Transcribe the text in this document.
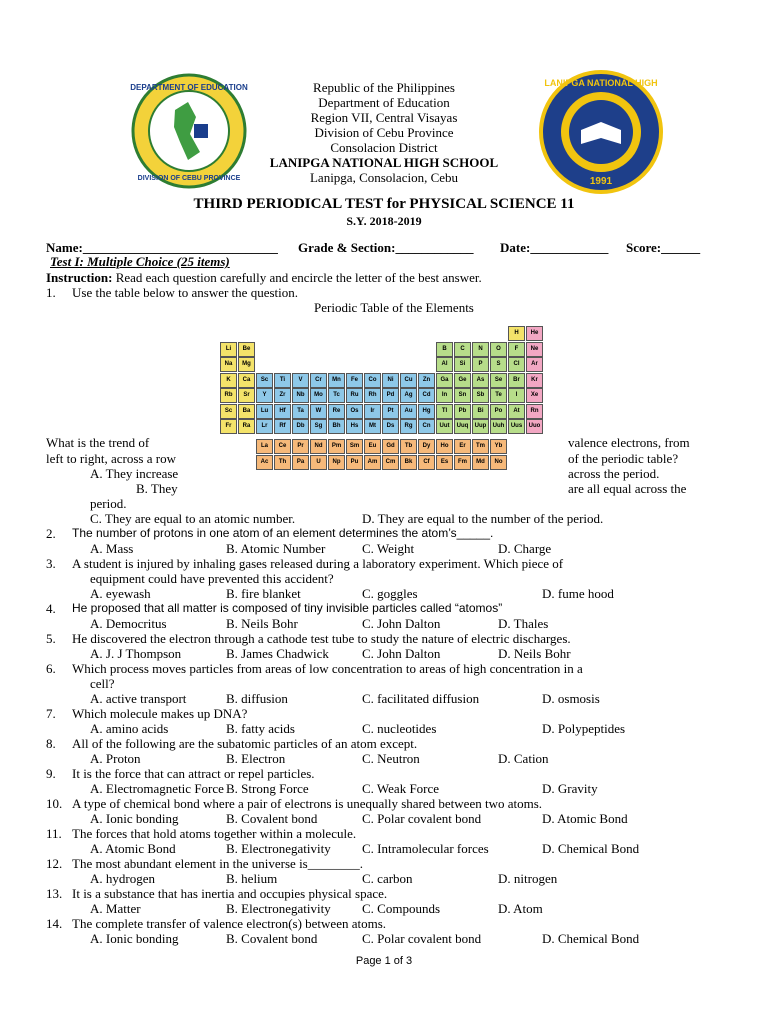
DEPARTMENT OF EDUCATION
DIVISION OF CEBU PROVINCE
LANIPGA NATIONAL HIGH
1991
Republic of the Philippines
Department of Education
Region VII, Central Visayas
Division of Cebu Province
Consolacion District
LANIPGA NATIONAL HIGH SCHOOL
Lanipga, Consolacion, Cebu
THIRD PERIODICAL TEST for PHYSICAL SCIENCE 11
S.Y. 2018-2019
Name:______________________________ Grade & Section:____________ Date:____________ Score:______
Test I: Multiple Choice (25 items)
Instruction: Read each question carefully and encircle the letter of the best answer.
1. Use the table below to answer the question.
Periodic Table of the Elements
H	He
Li	Be	B	C	N	O	F	Ne
Na	Mg	Al	Si	P	S	Cl	Ar
K	Ca	Sc	Ti	V	Cr	Mn	Fe	Co	Ni	Cu	Zn	Ga	Ge	As	Se	Br	Kr
Rb	Sr	Y	Zr	Nb	Mo	Tc	Ru	Rh	Pd	Ag	Cd	In	Sn	Sb	Te	I	Xe
Sc	Ba	Lu	Hf	Ta	W	Re	Os	Ir	Pt	Au	Hg	Tl	Pb	Bi	Po	At	Rn
Fr	Ra	Lr	Rf	Db	Sg	Bh	Hs	Mt	Ds	Rg	Cn	Uut	Uuq	Uup	Uuh	Uus	Uuo
La	Ce	Pr	Nd	Pm	Sm	Eu	Gd	Tb	Dy	Ho	Er	Tm	Yb
Ac	Th	Pa	U	Np	Pu	Am	Cm	Bk	Cf	Es	Fm	Md	No
What is the trend of
left to right, across a row
valence electrons, from
of the periodic table?
A. They increase	across the period.
B. They	are all equal across the
period.
C. They are equal to an atomic number.	D. They are equal to the number of the period.
2. The number of protons in one atom of an element determines the atom’s_____.
A. Mass	B. Atomic Number	C. Weight	D. Charge
3. A student is injured by inhaling gases released during a laboratory experiment. Which piece of
equipment could have prevented this accident?
A. eyewash	B. fire blanket	C. goggles	D. fume hood
4. He proposed that all matter is composed of tiny invisible particles called “atomos”
A. Democritus	B. Neils Bohr	C. John Dalton	D. Thales
5. He discovered the electron through a cathode test tube to study the nature of electric discharges.
A. J. J Thompson	B. James Chadwick	C. John Dalton	D. Neils Bohr
6. Which process moves particles from areas of low concentration to areas of high concentration in a
cell?
A. active transport	B. diffusion	C. facilitated diffusion	D. osmosis
7. Which molecule makes up DNA?
A. amino acids	B. fatty acids	C. nucleotides	D. Polypeptides
8. All of the following are the subatomic particles of an atom except.
A. Proton	B. Electron	C. Neutron	D. Cation
9. It is the force that can attract or repel particles.
A. Electromagnetic Force B. Strong Force	C. Weak Force	D. Gravity
10. A type of chemical bond where a pair of electrons is unequally shared between two atoms.
A. Ionic bonding	B. Covalent bond	C. Polar covalent bond	D. Atomic Bond
11. The forces that hold atoms together within a molecule.
A. Atomic Bond	B. Electronegativity C. Intramolecular forces	D. Chemical Bond
12. The most abundant element in the universe is________.
A. hydrogen	B. helium	C. carbon	D. nitrogen
13. It is a substance that has inertia and occupies physical space.
A. Matter	B. Electronegativity C. Compounds	D. Atom
14. The complete transfer of valence electron(s) between atoms.
A. Ionic bonding	B. Covalent bond	C. Polar covalent bond	D. Chemical Bond
Page 1 of 3
